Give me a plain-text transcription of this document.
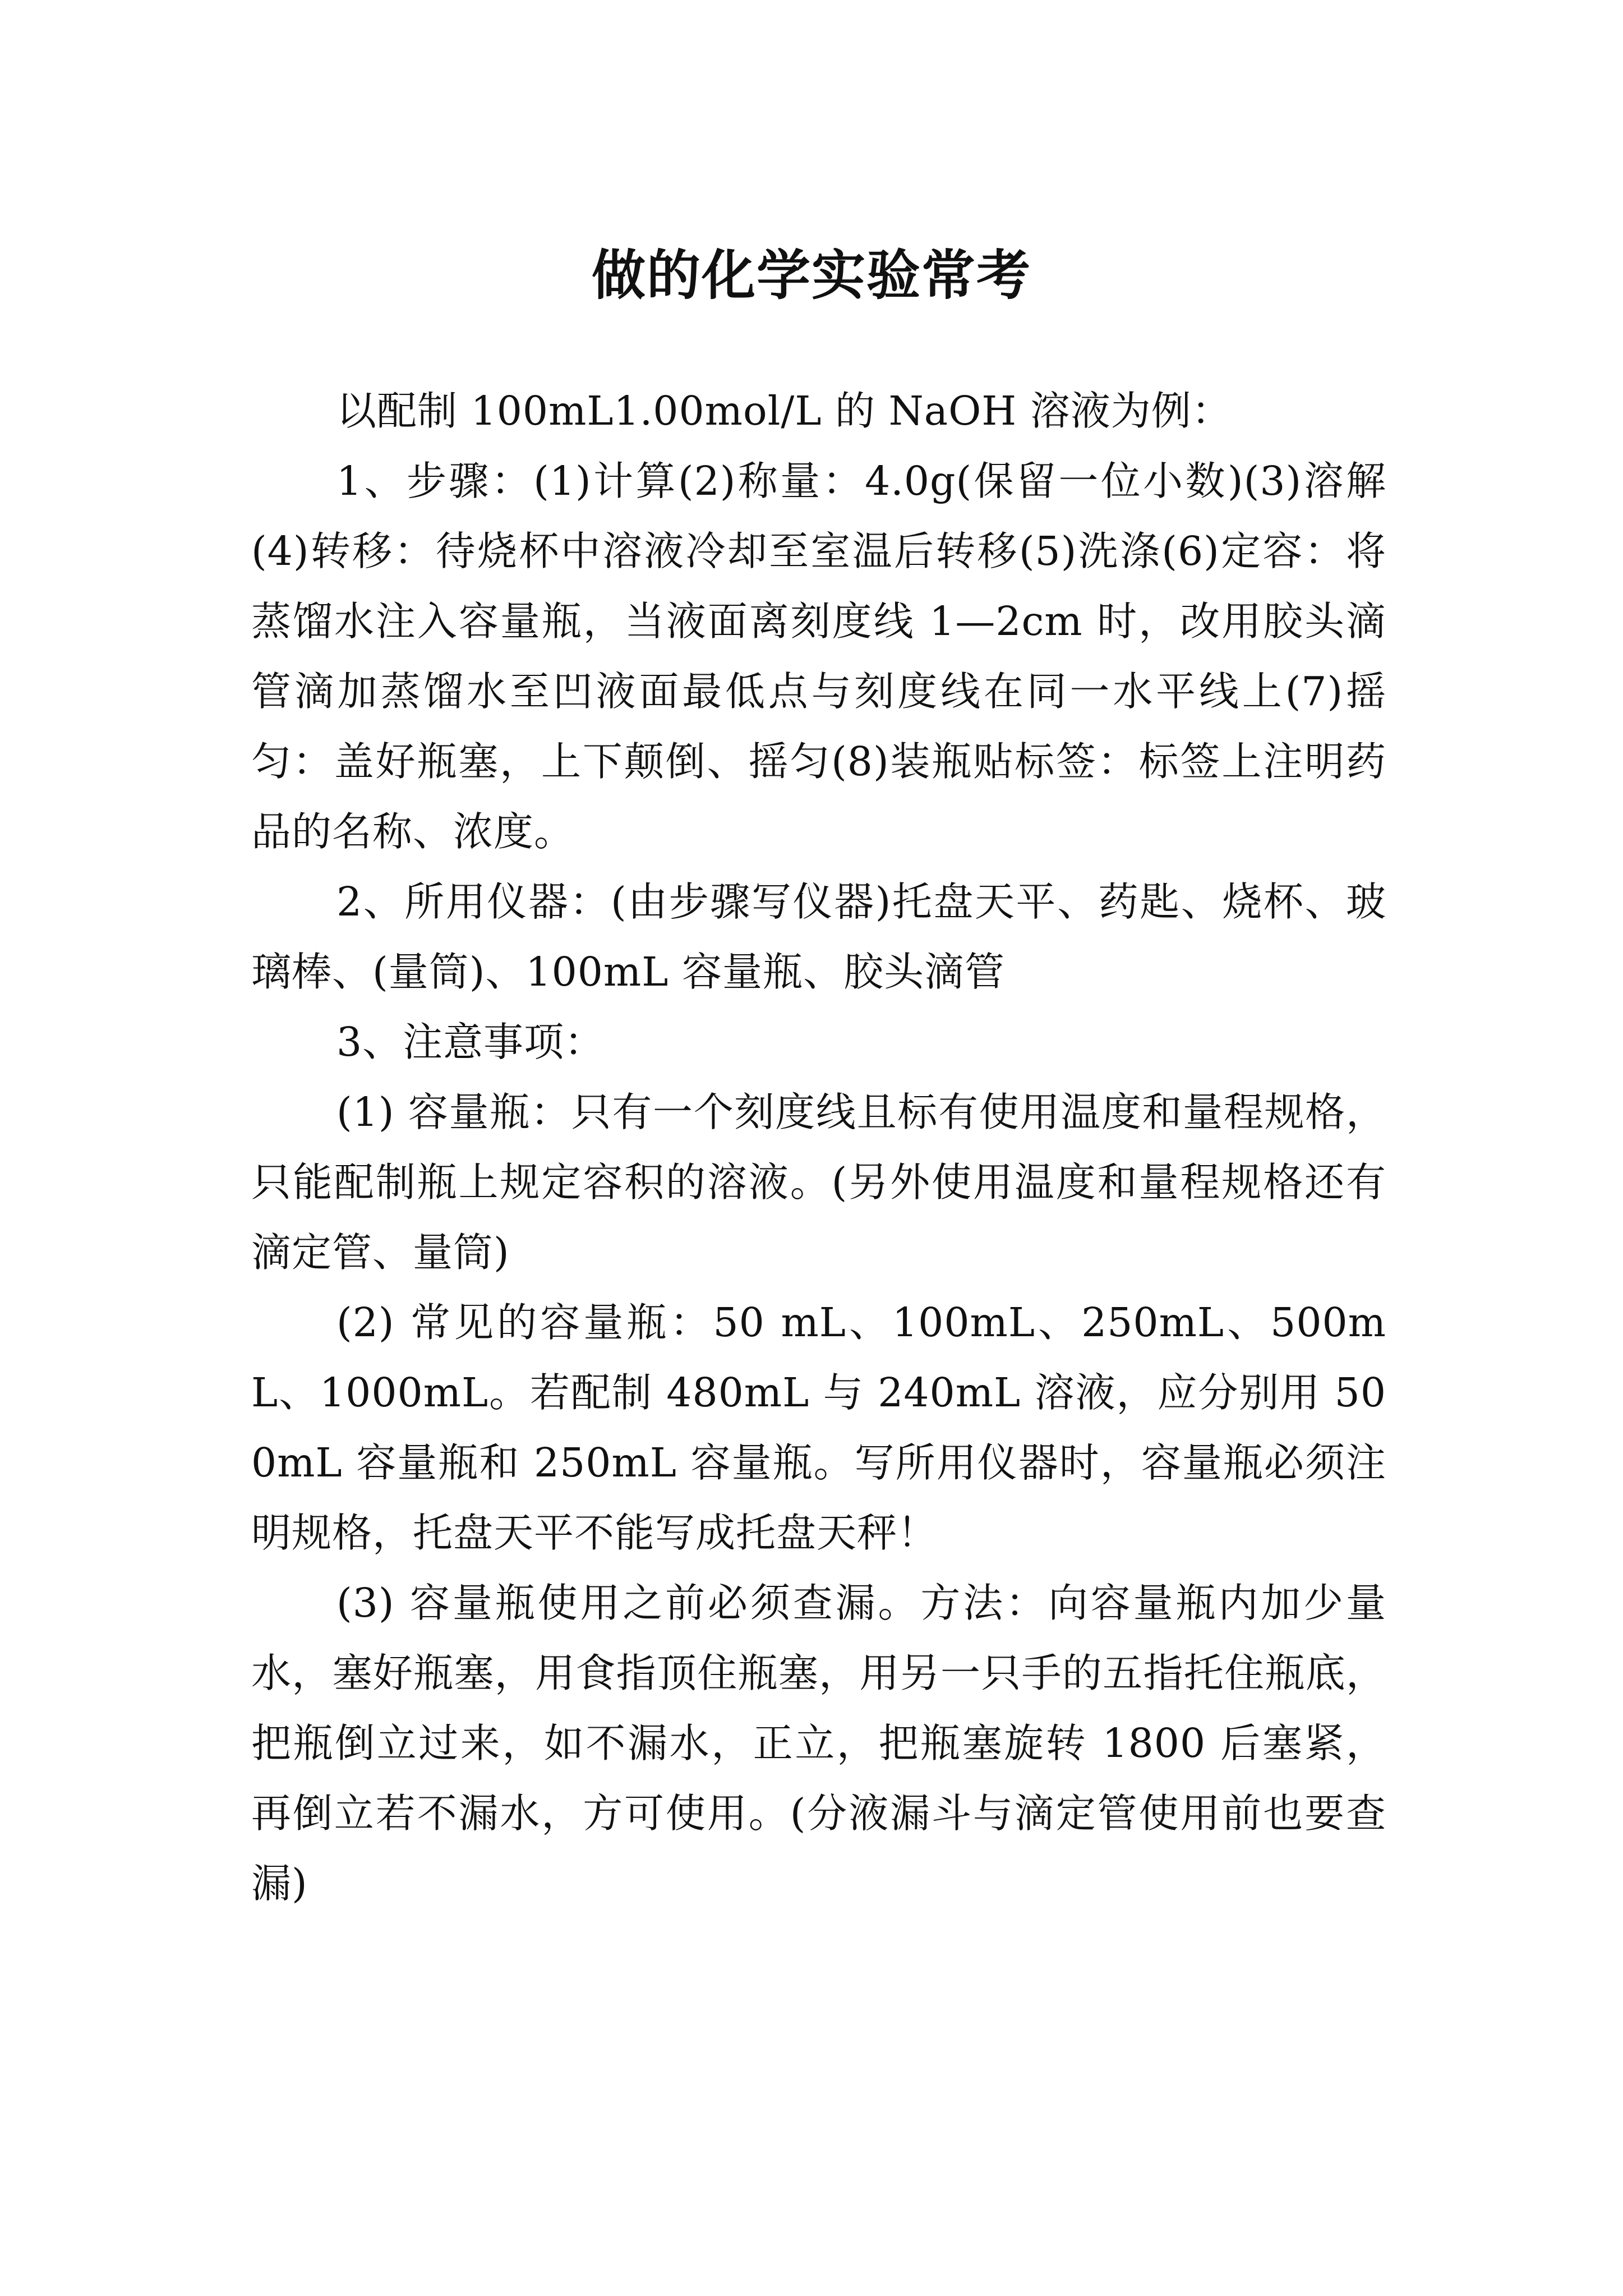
做的化学实验常考

以配制 100mL1.00mol/L 的 NaOH 溶液为例：

1、步骤：(1)计算(2)称量：4.0g(保留一位小数)(3)溶解(4)转移：待烧杯中溶液冷却至室温后转移(5)洗涤(6)定容：将蒸馏水注入容量瓶，当液面离刻度线 1—2cm 时，改用胶头滴管滴加蒸馏水至凹液面最低点与刻度线在同一水平线上(7)摇匀：盖好瓶塞，上下颠倒、摇匀(8)装瓶贴标签：标签上注明药品的名称、浓度。

2、所用仪器：(由步骤写仪器)托盘天平、药匙、烧杯、玻璃棒、(量筒)、100mL 容量瓶、胶头滴管

3、注意事项：

(1) 容量瓶：只有一个刻度线且标有使用温度和量程规格，只能配制瓶上规定容积的溶液。(另外使用温度和量程规格还有滴定管、量筒)

(2) 常见的容量瓶：50 mL、100mL、250mL、500mL、1000mL。若配制 480mL 与 240mL 溶液，应分别用 500mL 容量瓶和 250mL 容量瓶。写所用仪器时，容量瓶必须注明规格，托盘天平不能写成托盘天秤！

(3) 容量瓶使用之前必须查漏。方法：向容量瓶内加少量水，塞好瓶塞，用食指顶住瓶塞，用另一只手的五指托住瓶底，把瓶倒立过来，如不漏水，正立，把瓶塞旋转 1800 后塞紧，再倒立若不漏水，方可使用。(分液漏斗与滴定管使用前也要查漏)
